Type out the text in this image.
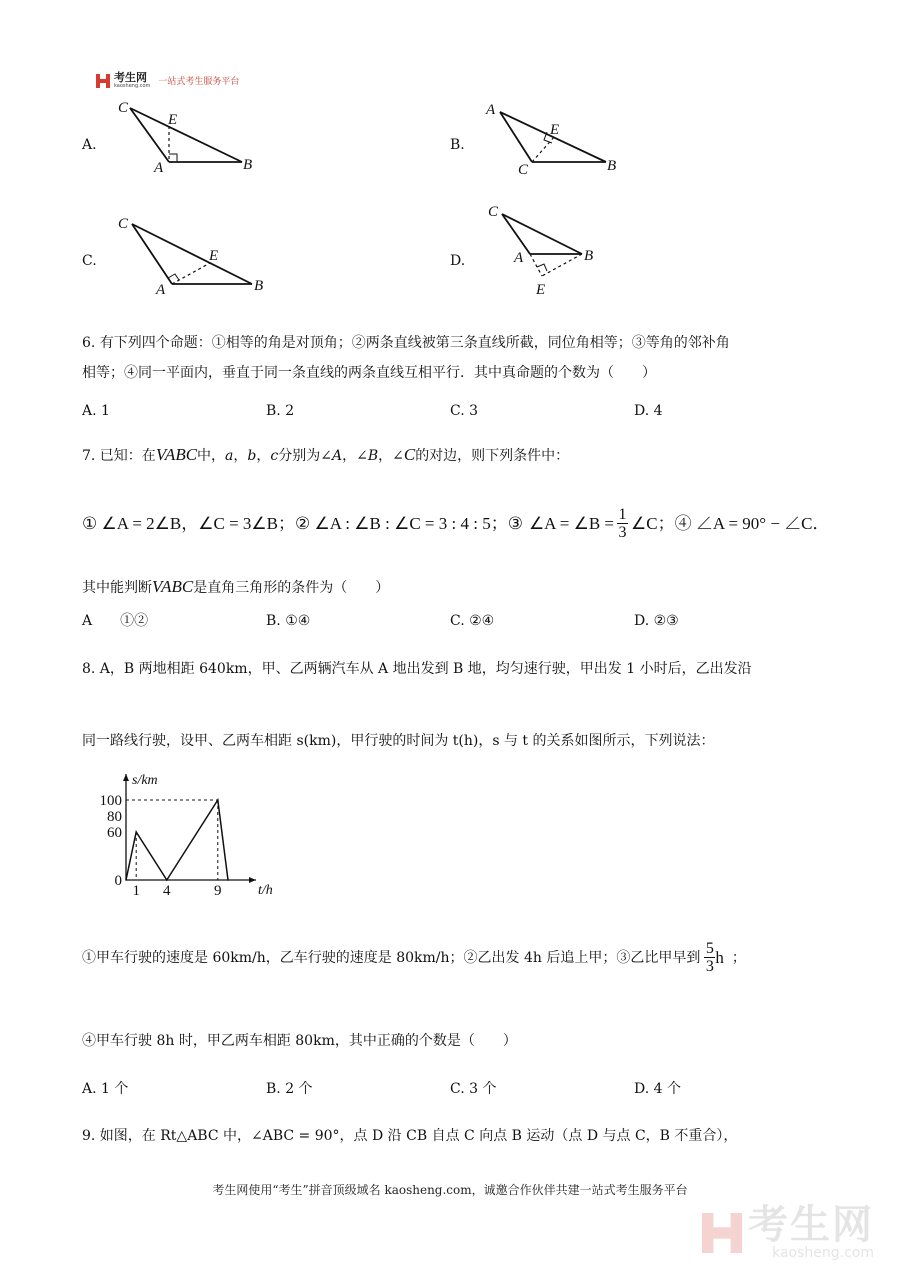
考生网
kaosheng.com 一站式考生服务平台
A.
C
E
A	B
B.
A
E
C	B
C.
C
E
A	B
D.
C
A	B
E
6. 有下列四个命题：①相等的角是对顶角；②两条直线被第三条直线所截，同位角相等；③等角的邻补角
相等；④同一平面内，垂直于同一条直线的两条直线互相平行．其中真命题的个数为（　　）
A. 1	B. 2	C. 3	D. 4
7. 已知：在VABC中，a，b，c分别为∠A，∠B，∠C的对边，则下列条件中：
① ∠A = 2∠B，∠C = 3∠B；② ∠A : ∠B : ∠C = 3 : 4 : 5；③ ∠A = ∠B = $\frac{1}{3}$ ∠C ；④ ∠A = 90° − ∠C．
其中能判断VABC是直角三角形的条件为（　　）
A　　①②	B. ①④	C. ②④	D. ②③
8. A，B 两地相距 640km，甲、乙两辆汽车从 A 地出发到 B 地，均匀速行驶，甲出发 1 小时后，乙出发沿
同一路线行驶，设甲、乙两车相距 s(km)，甲行驶的时间为 t(h)，s 与 t 的关系如图所示，下列说法：
s/km
t/h
100
80
60
0
1 4	9
①甲车行驶的速度是 60km/h，乙车行驶的速度是 80km/h；②乙出发 4h 后追上甲；③乙比甲早到 $\frac{5}{3}$ h ；
④甲车行驶 8h 时，甲乙两车相距 80km，其中正确的个数是（　　）
A. 1 个	B. 2 个	C. 3 个	D. 4 个
9. 如图，在 Rt△ABC 中，∠ABC = 90°，点 D 沿 CB 自点 C 向点 B 运动（点 D 与点 C，B 不重合），
考生网使用“考生”拼音顶级域名 kaosheng.com，诚邀合作伙伴共建一站式考生服务平台
考生网
kaosheng.com
